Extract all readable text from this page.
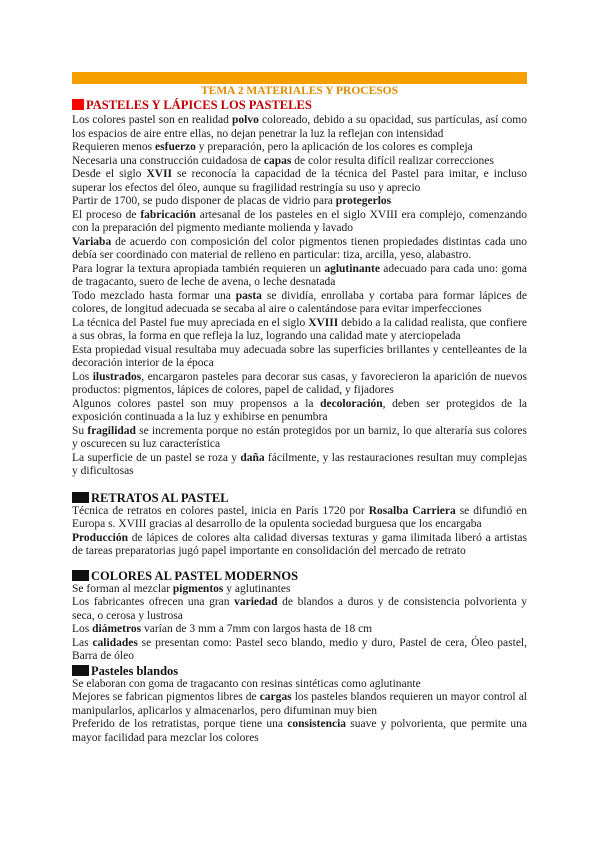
TEMA 2 MATERIALES Y PROCESOS
PASTELES Y LÁPICES LOS PASTELES
Los colores pastel son en realidad polvo coloreado, debido a su opacidad, sus partículas, así como los espacios de aire entre ellas, no dejan penetrar la luz la reflejan con intensidad
Requieren menos esfuerzo y preparación, pero la aplicación de los colores es compleja
Necesaria una construcción cuidadosa de capas de color resulta difícil realizar correcciones
Desde el siglo XVII se reconocía la capacidad de la técnica del Pastel para imitar, e incluso superar los efectos del óleo, aunque su fragilidad restringía su uso y aprecio
Partir de 1700, se pudo disponer de placas de vidrio para protegerlos
El proceso de fabricación artesanal de los pasteles en el siglo XVIII era complejo, comenzando con la preparación del pigmento mediante molienda y lavado
Variaba de acuerdo con composición del color pigmentos tienen propiedades distintas cada uno debía ser coordinado con material de relleno en particular: tiza, arcilla, yeso, alabastro.
Para lograr la textura apropiada también requieren un aglutinante adecuado para cada uno: goma de tragacanto, suero de leche de avena, o leche desnatada
Todo mezclado hasta formar una pasta se dividía, enrollaba y cortaba para formar lápices de colores, de longitud adecuada se secaba al aire o calentándose para evitar imperfecciones
La técnica del Pastel fue muy apreciada en el siglo XVIII debido a la calidad realista, que confiere a sus obras, la forma en que refleja la luz, logrando una calidad mate y aterciopelada
Esta propiedad visual resultaba muy adecuada sobre las superficies brillantes y centelleantes de la decoración interior de la época
Los ilustrados, encargaron pasteles para decorar sus casas, y favorecieron la aparición de nuevos productos: pigmentos, lápices de colores, papel de calidad, y fijadores
Algunos colores pastel son muy propensos a la decoloración, deben ser protegidos de la exposición continuada a la luz y exhibirse en penumbra
Su fragilidad se incrementa porque no están protegidos por un barniz, lo que alteraría sus colores y oscurecen su luz característica
La superficie de un pastel se roza y daña fácilmente, y las restauraciones resultan muy complejas y dificultosas
RETRATOS AL PASTEL
Técnica de retratos en colores pastel, inicia en París 1720 por Rosalba Carriera se difundió en Europa s. XVIII gracias al desarrollo de la opulenta sociedad burguesa que los encargaba
Producción de lápices de colores alta calidad diversas texturas y gama ilimitada liberó a artistas de tareas preparatorias jugó papel importante en consolidación del mercado de retrato
COLORES AL PASTEL MODERNOS
Se forman al mezclar pigmentos y aglutinantes
Los fabricantes ofrecen una gran variedad de blandos a duros y de consistencia polvorienta y seca, o cerosa y lustrosa
Los diámetros varían de 3 mm a 7mm con largos hasta de 18 cm
Las calidades se presentan como: Pastel seco blando, medio y duro, Pastel de cera, Óleo pastel, Barra de óleo
Pasteles blandos
Se elaboran con goma de tragacanto con resinas sintéticas como aglutinante
Mejores se fabrican pigmentos libres de cargas los pasteles blandos requieren un mayor control al manipularlos, aplicarlos y almacenarlos, pero difuminan muy bien
Preferido de los retratistas, porque tiene una consistencia suave y polvorienta, que permite una mayor facilidad para mezclar los colores
